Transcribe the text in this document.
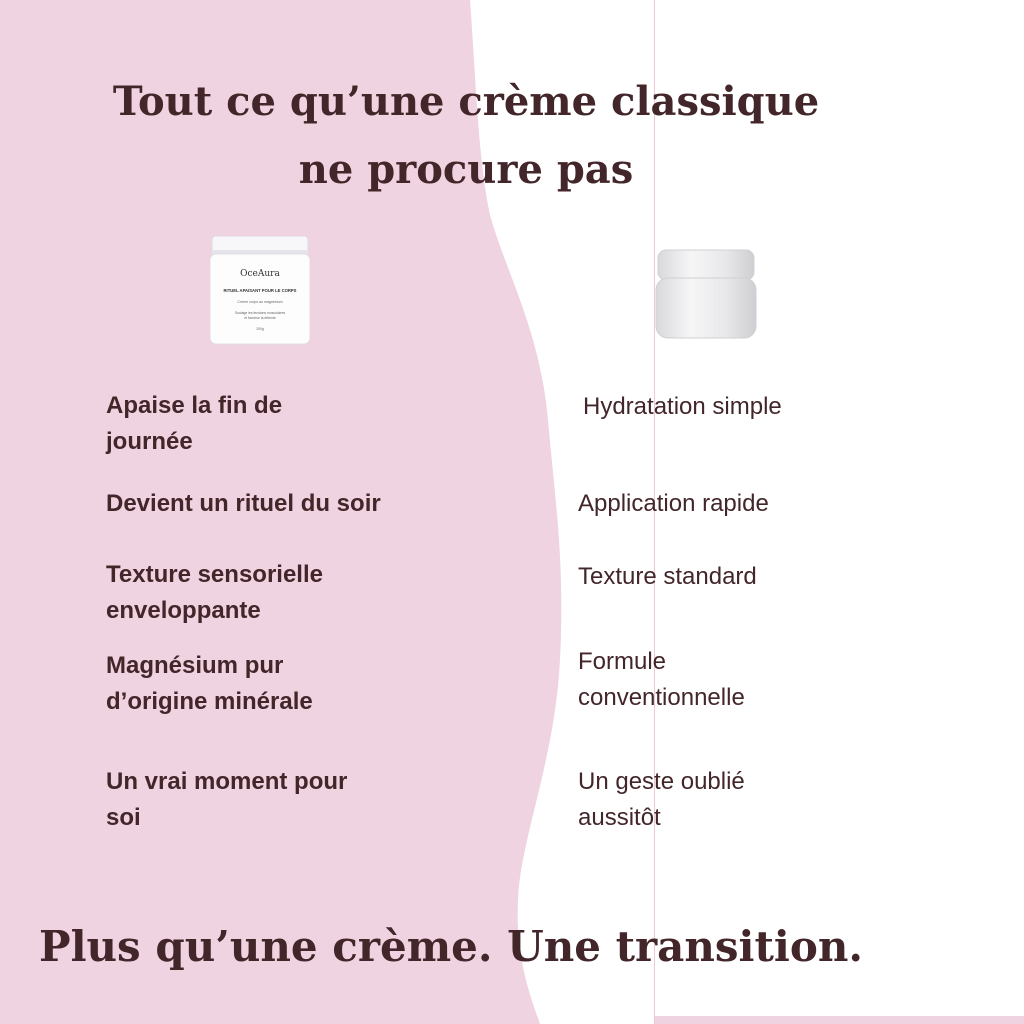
Tout ce qu’une crème classique
ne procure pas
OceAura
RITUEL APAISANT POUR LE CORPS
Crème corps au magnésium
Soulage les tensions musculaires
et favorise la détente
200g
Apaise la fin de
journée
Devient un rituel du soir
Texture sensorielle
enveloppante
Magnésium pur
d’origine minérale
Un vrai moment pour
soi
Hydratation simple
Application rapide
Texture standard
Formule
conventionnelle
Un geste oublié
aussitôt
Plus qu’une crème. Une transition.
